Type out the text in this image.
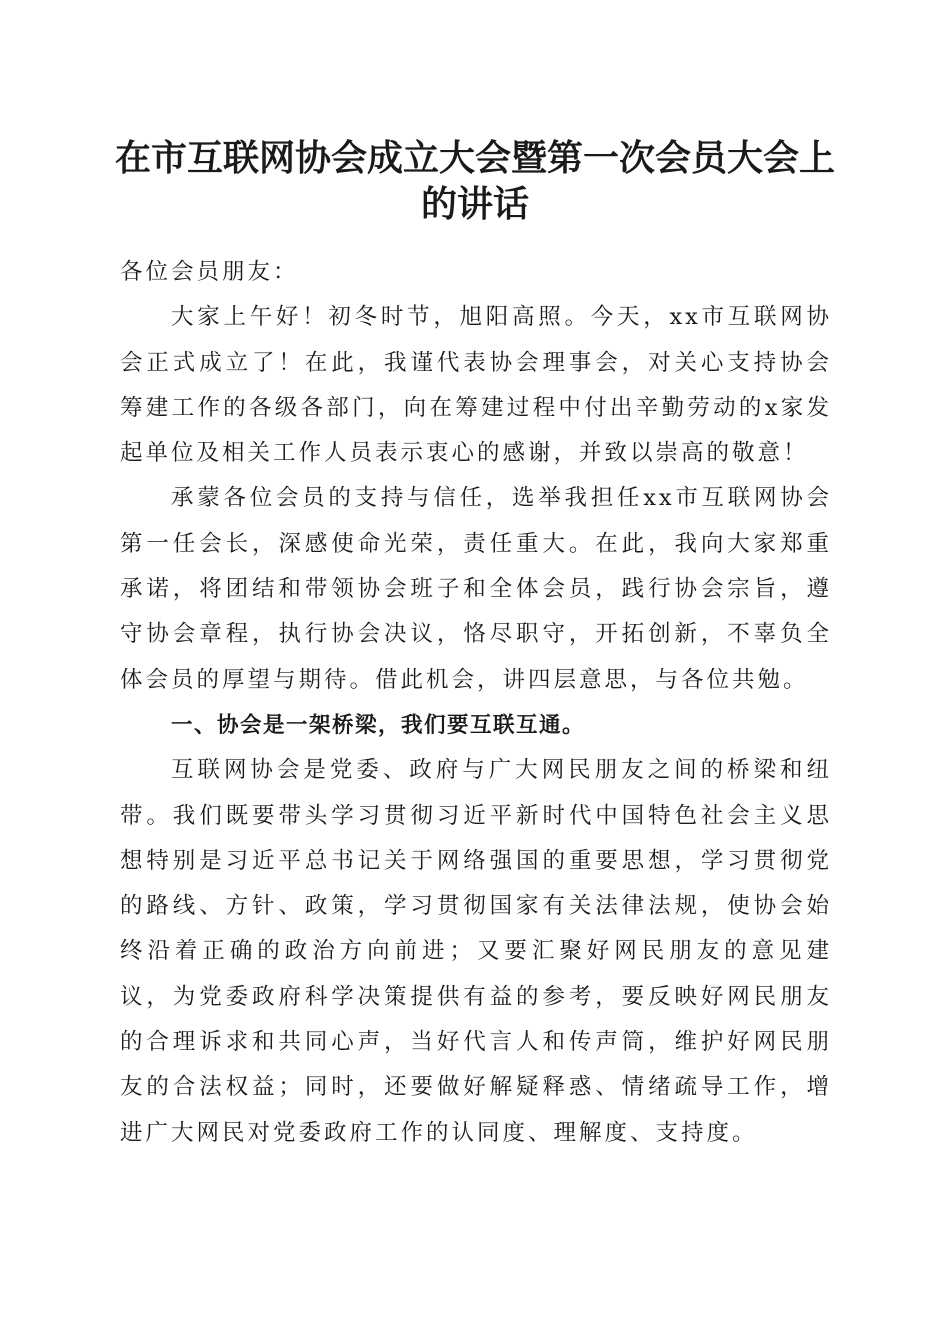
在市互联网协会成立大会暨第一次会员大会上
的讲话

各位会员朋友：

大家上午好！初冬时节，旭阳高照。今天，xx市互联网协会正式成立了！在此，我谨代表协会理事会，对关心支持协会筹建工作的各级各部门，向在筹建过程中付出辛勤劳动的x家发起单位及相关工作人员表示衷心的感谢，并致以崇高的敬意！

承蒙各位会员的支持与信任，选举我担任xx市互联网协会第一任会长，深感使命光荣，责任重大。在此，我向大家郑重承诺，将团结和带领协会班子和全体会员，践行协会宗旨，遵守协会章程，执行协会决议，恪尽职守，开拓创新，不辜负全体会员的厚望与期待。借此机会，讲四层意思，与各位共勉。

一、协会是一架桥梁，我们要互联互通。

互联网协会是党委、政府与广大网民朋友之间的桥梁和纽带。我们既要带头学习贯彻习近平新时代中国特色社会主义思想特别是习近平总书记关于网络强国的重要思想，学习贯彻党的路线、方针、政策，学习贯彻国家有关法律法规，使协会始终沿着正确的政治方向前进；又要汇聚好网民朋友的意见建议，为党委政府科学决策提供有益的参考，要反映好网民朋友的合理诉求和共同心声，当好代言人和传声筒，维护好网民朋友的合法权益；同时，还要做好解疑释惑、情绪疏导工作，增进广大网民对党委政府工作的认同度、理解度、支持度。
